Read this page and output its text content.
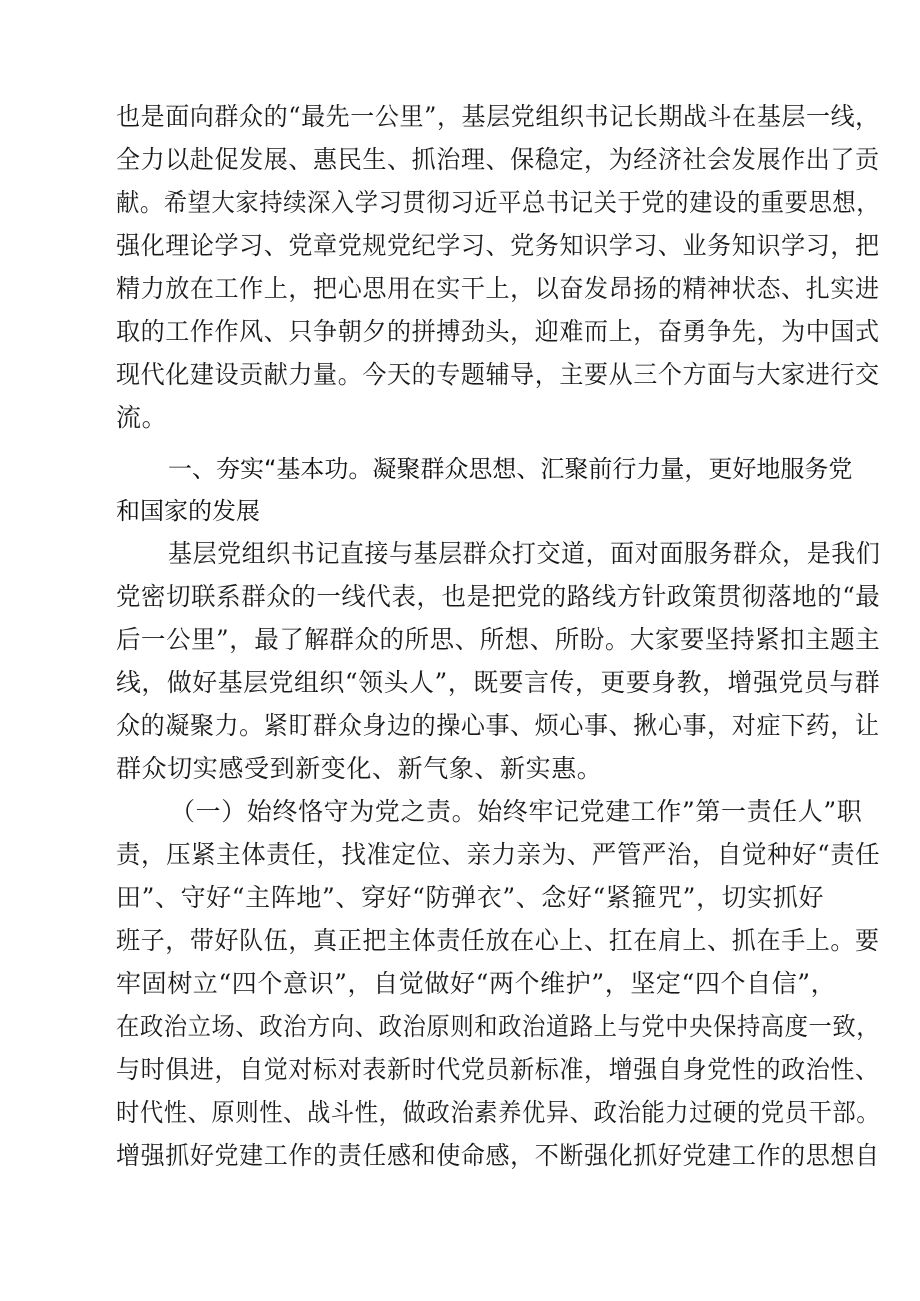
也是面向群众的“最先一公里”，基层党组织书记长期战斗在基层一线，
全力以赴促发展、惠民生、抓治理、保稳定，为经济社会发展作出了贡
献。希望大家持续深入学习贯彻习近平总书记关于党的建设的重要思想，
强化理论学习、党章党规党纪学习、党务知识学习、业务知识学习，把
精力放在工作上，把心思用在实干上，以奋发昂扬的精神状态、扎实进
取的工作作风、只争朝夕的拼搏劲头，迎难而上，奋勇争先，为中国式
现代化建设贡献力量。今天的专题辅导，主要从三个方面与大家进行交
流。
一、夯实“基本功。凝聚群众思想、汇聚前行力量，更好地服务党
和国家的发展
基层党组织书记直接与基层群众打交道，面对面服务群众，是我们
党密切联系群众的一线代表，也是把党的路线方针政策贯彻落地的“最
后一公里”，最了解群众的所思、所想、所盼。大家要坚持紧扣主题主
线，做好基层党组织“领头人”，既要言传，更要身教，增强党员与群
众的凝聚力。紧盯群众身边的操心事、烦心事、揪心事，对症下药，让
群众切实感受到新变化、新气象、新实惠。
（一）始终恪守为党之责。始终牢记党建工作”第一责任人”职
责，压紧主体责任，找准定位、亲力亲为、严管严治，自觉种好“责任
田”、守好“主阵地”、穿好“防弹衣”、念好“紧箍咒”，切实抓好
班子，带好队伍，真正把主体责任放在心上、扛在肩上、抓在手上。要
牢固树立“四个意识”，自觉做好“两个维护”，坚定“四个自信”，
在政治立场、政治方向、政治原则和政治道路上与党中央保持高度一致，
与时俱进，自觉对标对表新时代党员新标准，增强自身党性的政治性、
时代性、原则性、战斗性，做政治素养优异、政治能力过硬的党员干部。
增强抓好党建工作的责任感和使命感，不断强化抓好党建工作的思想自
